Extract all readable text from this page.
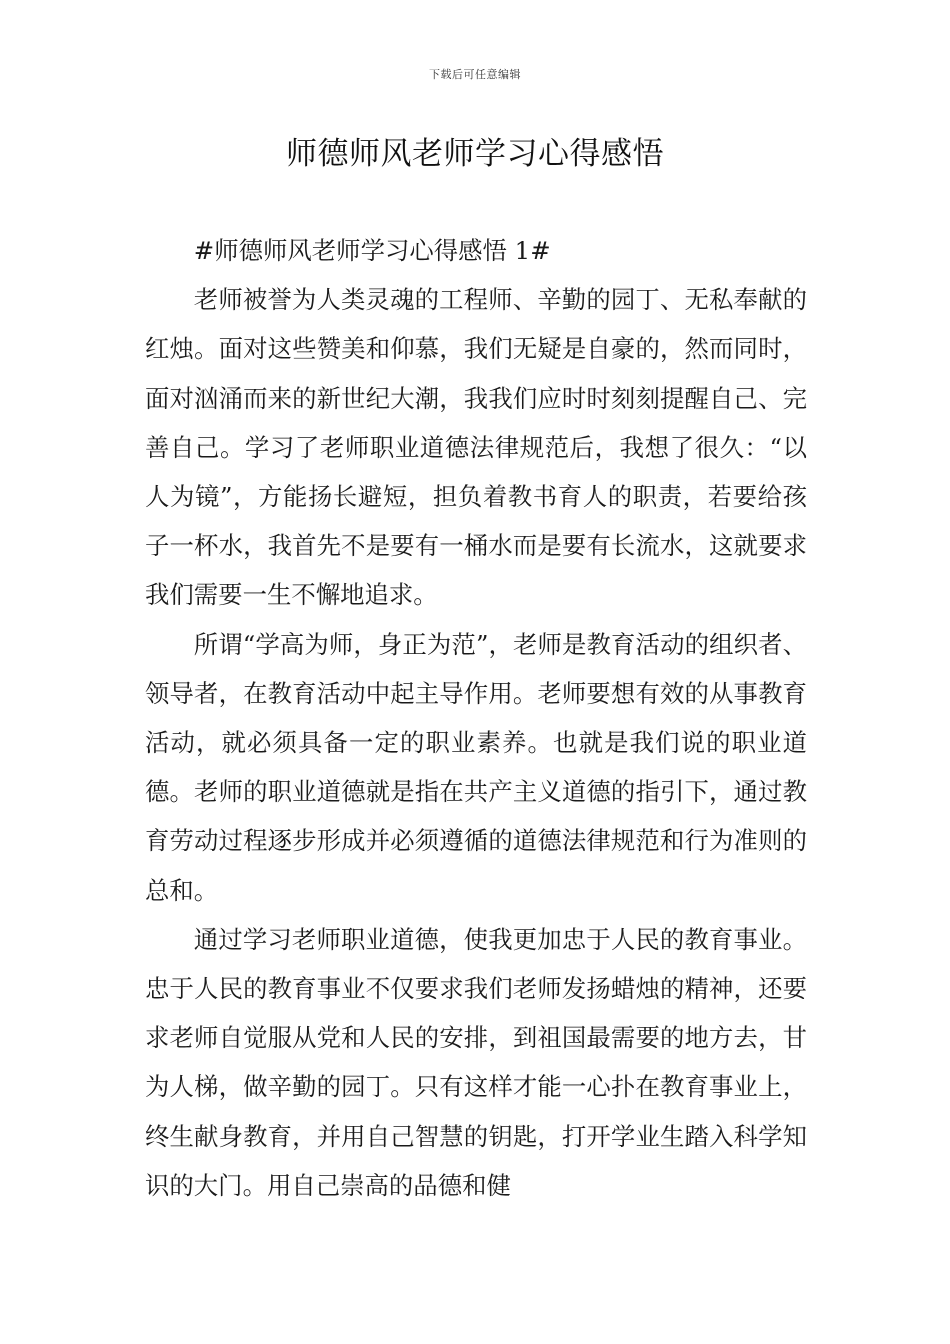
下载后可任意编辑
师德师风老师学习心得感悟

#师德师风老师学习心得感悟 1#

老师被誉为人类灵魂的工程师、辛勤的园丁、无私奉献的红烛。面对这些赞美和仰慕，我们无疑是自豪的，然而同时，面对汹涌而来的新世纪大潮，我我们应时时刻刻提醒自己、完善自己。学习了老师职业道德法律规范后，我想了很久：“以人为镜”，方能扬长避短，担负着教书育人的职责，若要给孩子一杯水，我首先不是要有一桶水而是要有长流水，这就要求我们需要一生不懈地追求。

所谓“学高为师，身正为范”，老师是教育活动的组织者、领导者，在教育活动中起主导作用。老师要想有效的从事教育活动，就必须具备一定的职业素养。也就是我们说的职业道德。老师的职业道德就是指在共产主义道德的指引下，通过教育劳动过程逐步形成并必须遵循的道德法律规范和行为准则的总和。

通过学习老师职业道德，使我更加忠于人民的教育事业。忠于人民的教育事业不仅要求我们老师发扬蜡烛的精神，还要求老师自觉服从党和人民的安排，到祖国最需要的地方去，甘为人梯，做辛勤的园丁。只有这样才能一心扑在教育事业上，终生献身教育，并用自己智慧的钥匙，打开学业生踏入科学知识的大门。用自己崇高的品德和健
